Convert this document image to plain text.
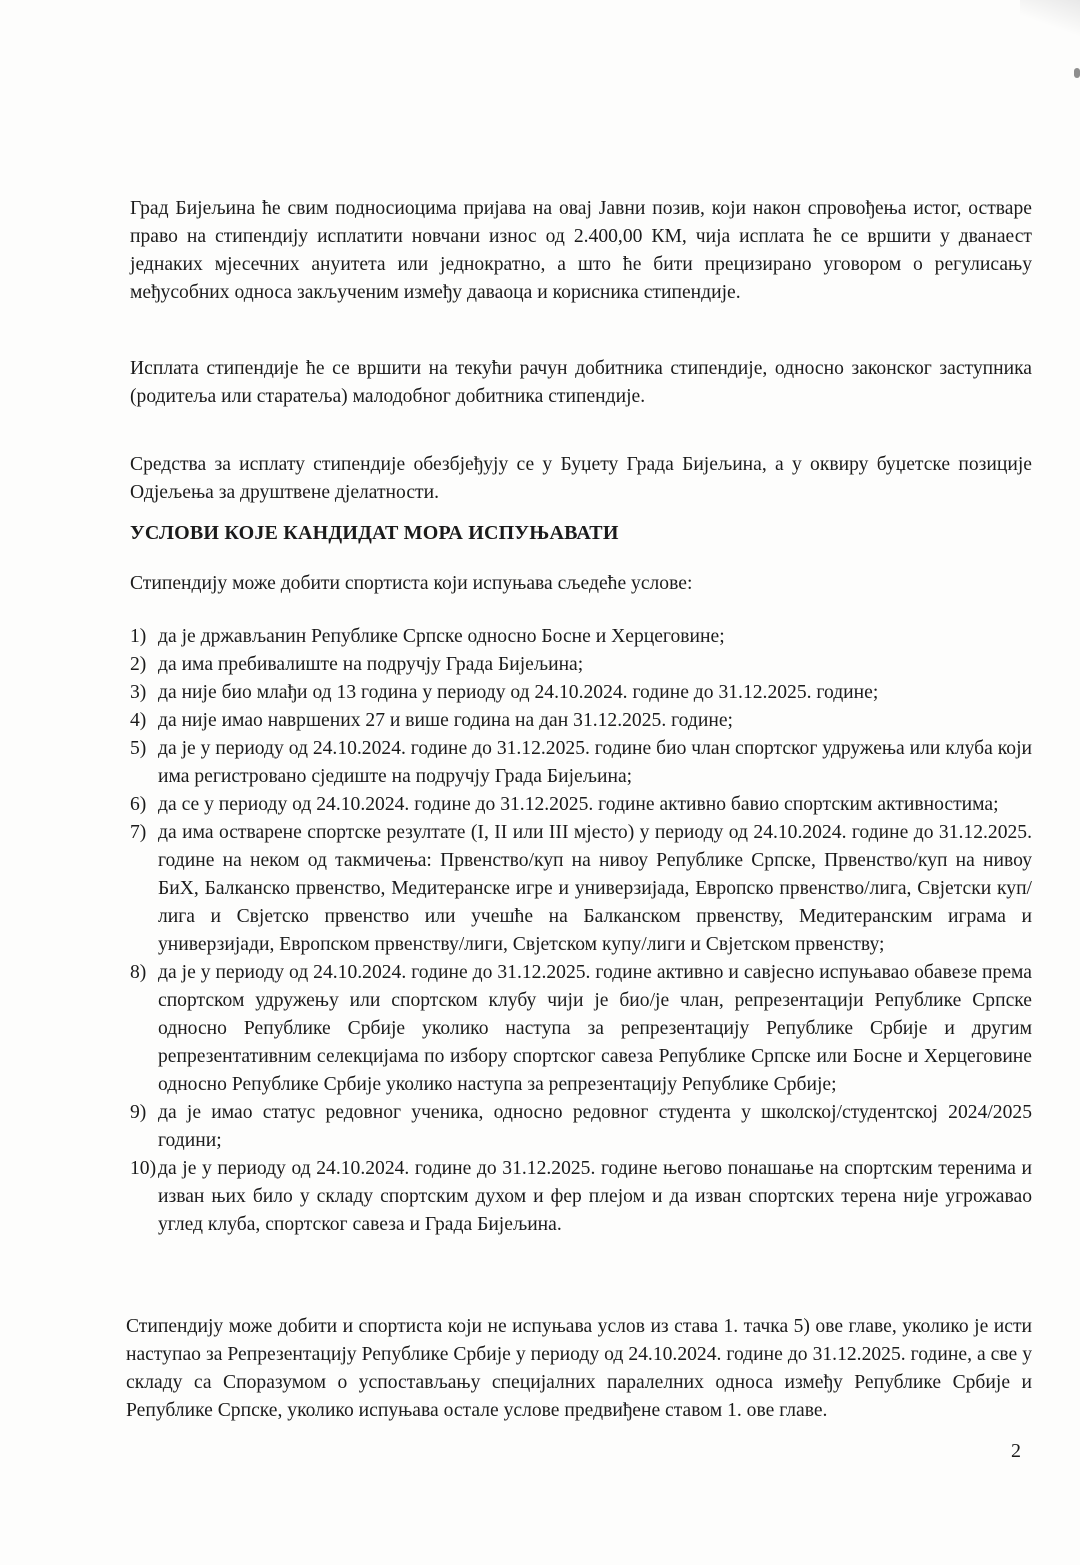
Град Бијељина ће свим подносиоцима пријава на овај Јавни позив, који након спровођења истог, остваре право на стипендију исплатити новчани износ од 2.400,00 КМ, чија исплата ће се вршити у дванаест једнаких мјесечних ануитета или једнократно, а што ће бити прецизирано уговором о регулисању међусобних односа закљученим између даваоца и корисника стипендије.

Исплата стипендије ће се вршити на текући рачун добитника стипендије, односно законског заступника (родитеља или старатеља) малодобног добитника стипендије.

Средства за исплату стипендије обезбјеђују се у Буџету Града Бијељина, а у оквиру буџетске позиције Одјељења за друштвене дјелатности.

УСЛОВИ КОЈЕ КАНДИДАТ МОРА ИСПУЊАВАТИ

Стипендију може добити спортиста који испуњава сљедеће услове:

1) да је држављанин Републике Српске односно Босне и Херцеговине;
2) да има пребивалиште на подручју Града Бијељина;
3) да није био млађи од 13 година у периоду од 24.10.2024. године до 31.12.2025. године;
4) да није имао навршених 27 и више година на дан 31.12.2025. године;
5) да је у периоду од 24.10.2024. године до 31.12.2025. године био члан спортског удружења или клуба који има регистровано сједиште на подручју Града Бијељина;
6) да се у периоду од 24.10.2024. године до 31.12.2025. године активно бавио спортским активностима;
7) да има остварене спортске резултате (I, II или III мјесто) у периоду од 24.10.2024. године до 31.12.2025. године на неком од такмичења: Првенство/куп на нивоу Републике Српске, Првенство/куп на нивоу БиХ, Балканско првенство, Медитеранске игре и универзијада, Европско првенство/лига, Свјетски куп/ лига и Свјетско првенство или учешће на Балканском првенству, Медитеранским играма и универзијади, Европском првенству/лиги, Свјетском купу/лиги и Свјетском првенству;
8) да је у периоду од 24.10.2024. године до 31.12.2025. године активно и савјесно испуњавао обавезе према спортском удружењу или спортском клубу чији је био/је члан, репрезентацији Републике Српске односно Републике Србије уколико наступа за репрезентацију Републике Србије и другим репрезентативним селекцијама по избору спортског савеза Републике Српске или Босне и Херцеговине односно Републике Србије уколико наступа за репрезентацију Републике Србије;
9) да је имао статус редовног ученика, односно редовног студента у школској/студентској 2024/2025 години;
10) да је у периоду од 24.10.2024. године до 31.12.2025. године његово понашање на спортским теренима и изван њих било у складу спортским духом и фер плејом и да изван спортских терена није угрожавао углед клуба, спортског савеза и Града Бијељина.

Стипендију може добити и спортиста који не испуњава услов из става 1. тачка 5) ове главе, уколико је исти наступао за Репрезентацију Републике Србије у периоду од 24.10.2024. године до 31.12.2025. године, а све у складу са Споразумом о успостављању специјалних паралелних односа између Републике Србије и Републике Српске, уколико испуњава остале услове предвиђене ставом 1. ове главе.

2
